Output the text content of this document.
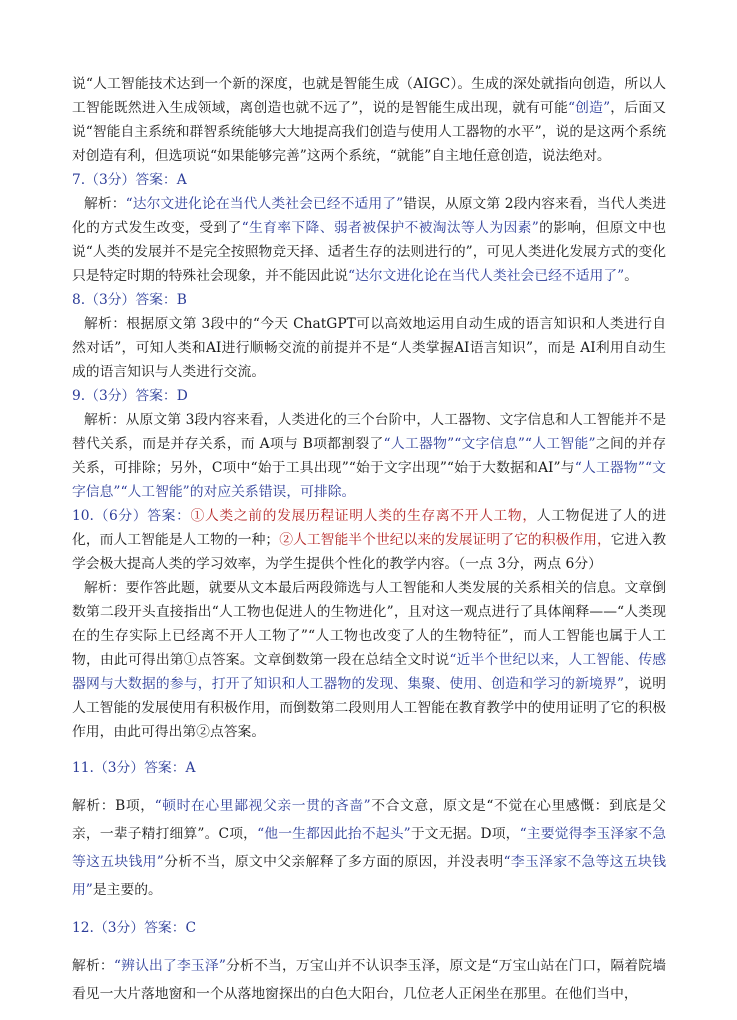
说“人工智能技术达到一个新的深度，也就是智能生成（AIGC）。生成的深处就指向创造，所以人工智能既然进入生成领域，离创造也就不远了”，说的是智能生成出现，就有可能“创造”，后面又说“智能自主系统和群智系统能够大大地提高我们创造与使用人工器物的水平”，说的是这两个系统对创造有利，但选项说“如果能够完善”这两个系统，“就能”自主地任意创造，说法绝对。

7.（3分）答案：A

解析：“达尔文进化论在当代人类社会已经不适用了”错误，从原文第 2段内容来看，当代人类进化的方式发生改变，受到了“生育率下降、弱者被保护不被淘汰等人为因素”的影响，但原文中也说“人类的发展并不是完全按照物竞天择、适者生存的法则进行的”，可见人类进化发展方式的变化只是特定时期的特殊社会现象，并不能因此说“达尔文进化论在当代人类社会已经不适用了”。

8.（3分）答案：B

解析：根据原文第 3段中的“今天 ChatGPT可以高效地运用自动生成的语言知识和人类进行自然对话”，可知人类和AI进行顺畅交流的前提并不是“人类掌握AI语言知识”，而是 AI利用自动生成的语言知识与人类进行交流。

9.（3分）答案：D

解析：从原文第 3段内容来看，人类进化的三个台阶中，人工器物、文字信息和人工智能并不是替代关系，而是并存关系，而 A项与 B项都割裂了“人工器物”“文字信息”“人工智能”之间的并存关系，可排除；另外，C项中“始于工具出现”“始于文字出现”“始于大数据和AI”与“人工器物”“文字信息”“人工智能”的对应关系错误，可排除。

10.（6分）答案：①人类之前的发展历程证明人类的生存离不开人工物，人工物促进了人的进化，而人工智能是人工物的一种；②人工智能半个世纪以来的发展证明了它的积极作用，它进入教学会极大提高人类的学习效率，为学生提供个性化的教学内容。（一点 3分，两点 6分）

解析：要作答此题，就要从文本最后两段筛选与人工智能和人类发展的关系相关的信息。文章倒数第二段开头直接指出“人工物也促进人的生物进化”，且对这一观点进行了具体阐释——“人类现在的生存实际上已经离不开人工物了”“人工物也改变了人的生物特征”，而人工智能也属于人工物，由此可得出第①点答案。文章倒数第一段在总结全文时说“近半个世纪以来，人工智能、传感器网与大数据的参与，打开了知识和人工器物的发现、集聚、使用、创造和学习的新境界”，说明人工智能的发展使用有积极作用，而倒数第二段则用人工智能在教育教学中的使用证明了它的积极作用，由此可得出第②点答案。

11.（3分）答案：A

解析：B项，“顿时在心里鄙视父亲一贯的吝啬”不合文意，原文是“不觉在心里感慨：到底是父亲，一辈子精打细算”。C项，“他一生都因此抬不起头”于文无据。D项，“主要觉得李玉泽家不急等这五块钱用”分析不当，原文中父亲解释了多方面的原因，并没表明“李玉泽家不急等这五块钱用”是主要的。

12.（3分）答案：C

解析：“辨认出了李玉泽”分析不当，万宝山并不认识李玉泽，原文是“万宝山站在门口，隔着院墙看见一大片落地窗和一个从落地窗探出的白色大阳台，几位老人正闲坐在那里。在他们当中，
